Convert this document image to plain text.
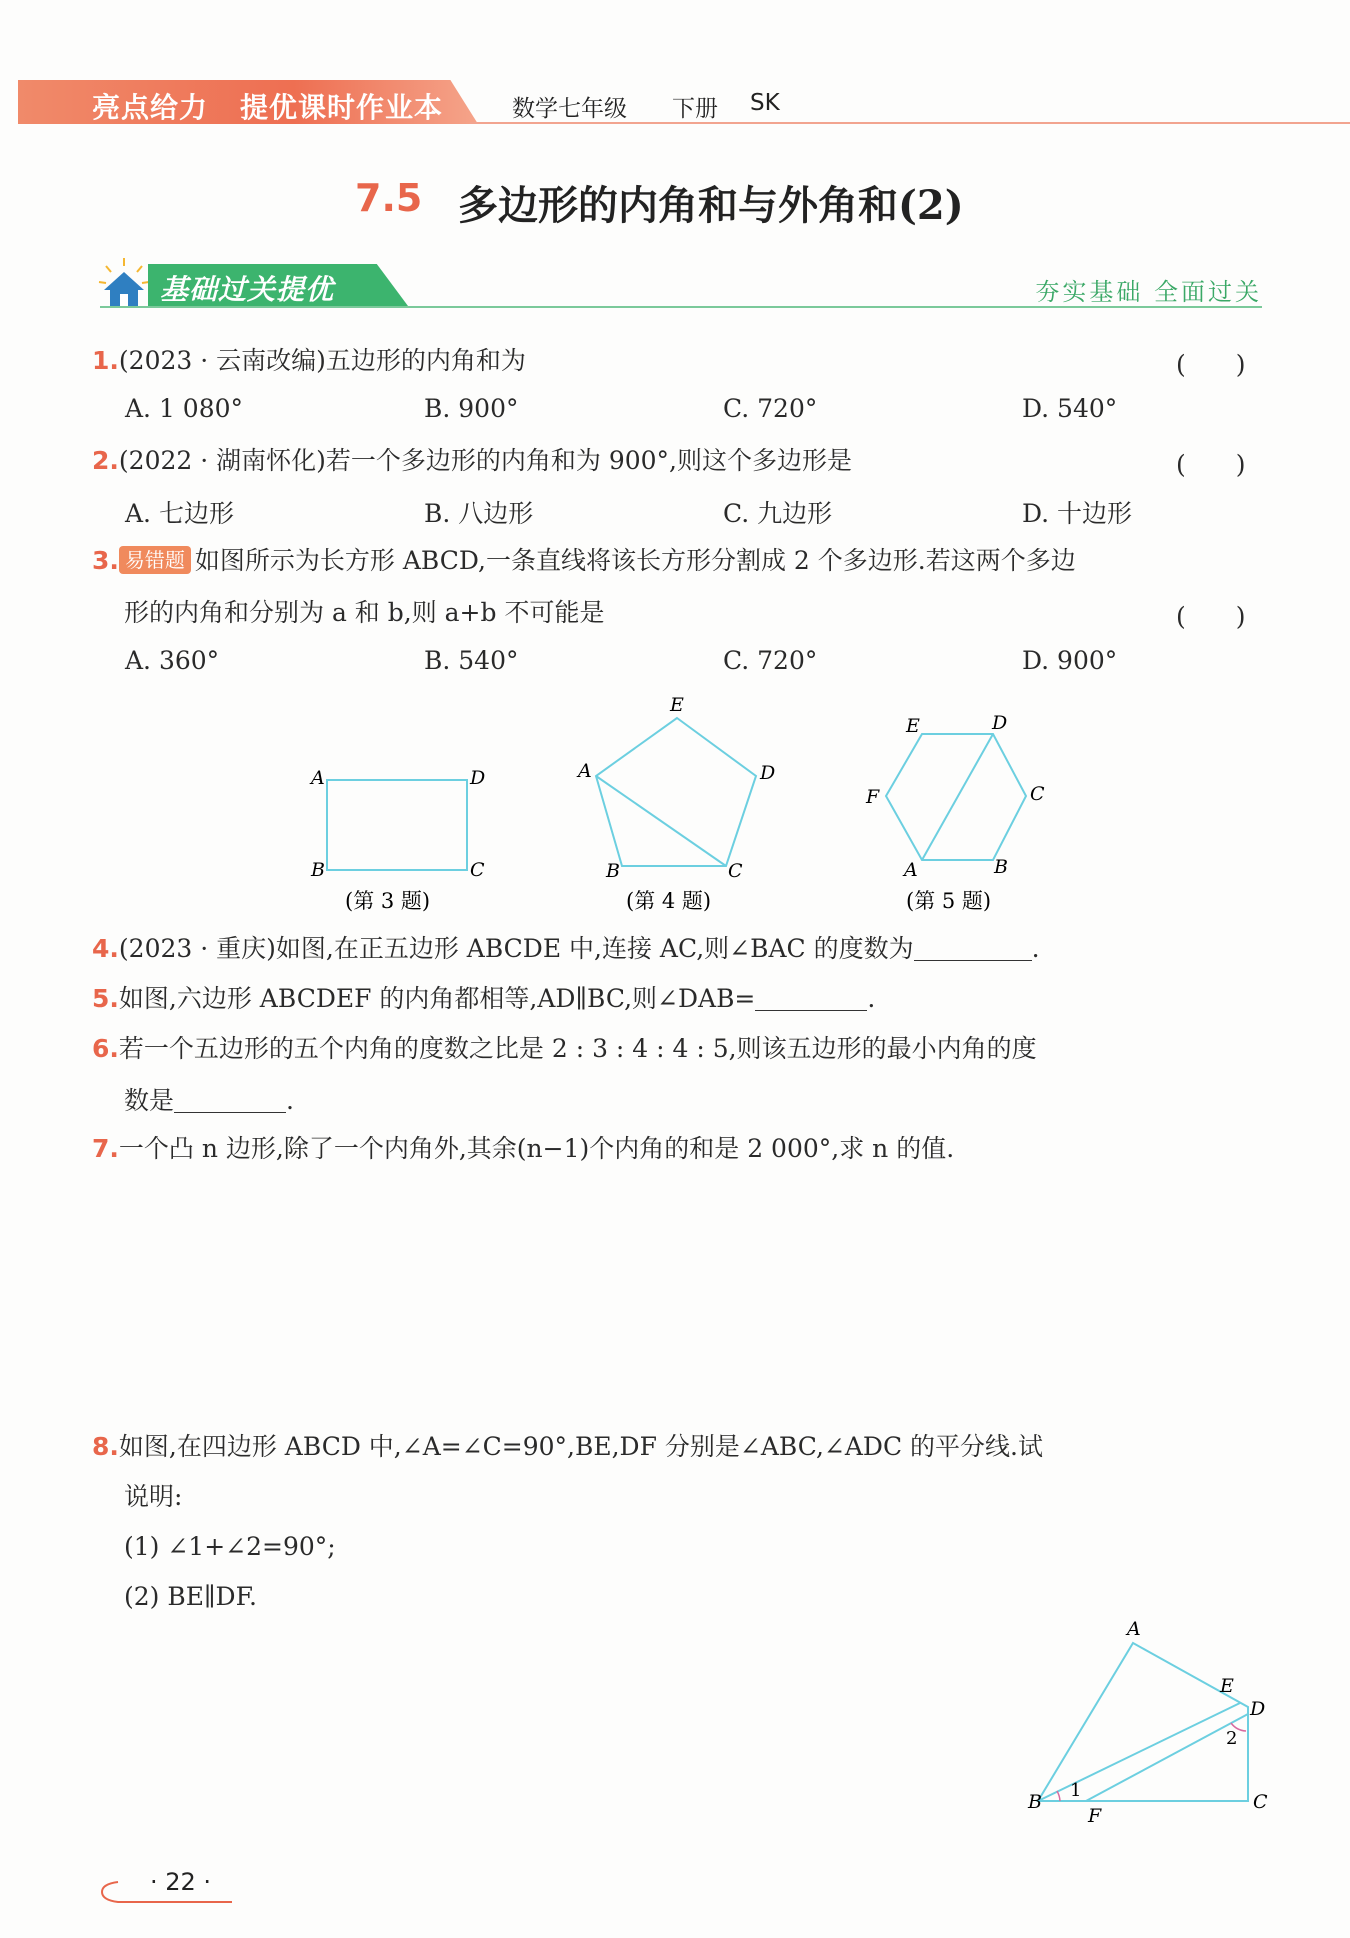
亮点给力 提优课时作业本	数学七年级 下册 SK
7.5 多边形的内角和与外角和(2)
基础过关提优	夯实基础 全面过关
1.(2023 · 云南改编)五边形的内角和为	(　　)
A. 1 080°	B. 900°	C. 720°	D. 540°
2.(2022 · 湖南怀化)若一个多边形的内角和为 900°,则这个多边形是	(　　)
A. 七边形	B. 八边形	C. 九边形	D. 十边形
3. 易错题 如图所示为长方形 ABCD,一条直线将该长方形分割成 2 个多边形.若这两个多边
形的内角和分别为 a 和 b,则 a+b 不可能是	(　　)
A. 360°	B. 540°	C. 720°	D. 900°
A	D
B	C
(第 3 题)
E
A	D
B	C
(第 4 题)
E	D
F	C
A	B
(第 5 题)
4.(2023 · 重庆)如图,在正五边形 ABCDE 中,连接 AC,则∠BAC 的度数为	.
5.如图,六边形 ABCDEF 的内角都相等,AD∥BC,则∠DAB=	.
6.若一个五边形的五个内角的度数之比是 2 : 3 : 4 : 4 : 5,则该五边形的最小内角的度
数是	.
7.一个凸 n 边形,除了一个内角外,其余(n−1)个内角的和是 2 000°,求 n 的值.
8.如图,在四边形 ABCD 中,∠A=∠C=90°,BE,DF 分别是∠ABC,∠ADC 的平分线.试
说明:
(1) ∠1+∠2=90°;
(2) BE∥DF.
A
E
D
2
B
1
F
C
· 22 ·
